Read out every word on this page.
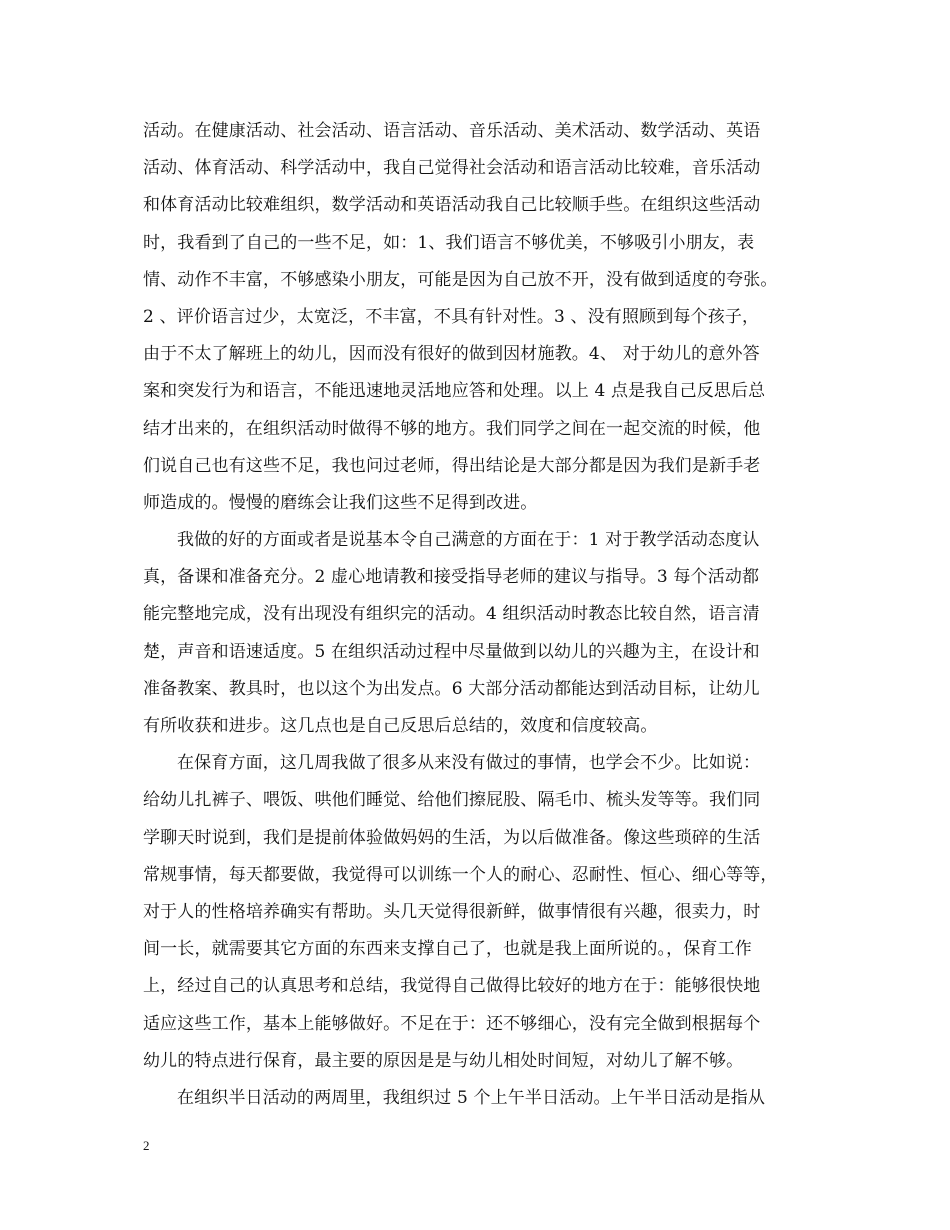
活动。在健康活动、社会活动、语言活动、音乐活动、美术活动、数学活动、英语
活动、体育活动、科学活动中，我自己觉得社会活动和语言活动比较难，音乐活动
和体育活动比较难组织，数学活动和英语活动我自己比较顺手些。在组织这些活动
时，我看到了自己的一些不足，如：1、我们语言不够优美，不够吸引小朋友，表
情、动作不丰富，不够感染小朋友，可能是因为自己放不开，没有做到适度的夸张。
2 、评价语言过少，太宽泛，不丰富，不具有针对性。3 、没有照顾到每个孩子，
由于不太了解班上的幼儿，因而没有很好的做到因材施教。4、 对于幼儿的意外答
案和突发行为和语言，不能迅速地灵活地应答和处理。以上 4 点是我自己反思后总
结才出来的，在组织活动时做得不够的地方。我们同学之间在一起交流的时候，他
们说自己也有这些不足，我也问过老师，得出结论是大部分都是因为我们是新手老
师造成的。慢慢的磨练会让我们这些不足得到改进。
我做的好的方面或者是说基本令自己满意的方面在于：1 对于教学活动态度认
真，备课和准备充分。2 虚心地请教和接受指导老师的建议与指导。3 每个活动都
能完整地完成，没有出现没有组织完的活动。4 组织活动时教态比较自然，语言清
楚，声音和语速适度。5 在组织活动过程中尽量做到以幼儿的兴趣为主，在设计和
准备教案、教具时，也以这个为出发点。6 大部分活动都能达到活动目标，让幼儿
有所收获和进步。这几点也是自己反思后总结的，效度和信度较高。
在保育方面，这几周我做了很多从来没有做过的事情，也学会不少。比如说：
给幼儿扎裤子、喂饭、哄他们睡觉、给他们擦屁股、隔毛巾、梳头发等等。我们同
学聊天时说到，我们是提前体验做妈妈的生活，为以后做准备。像这些琐碎的生活
常规事情，每天都要做，我觉得可以训练一个人的耐心、忍耐性、恒心、细心等等，
对于人的性格培养确实有帮助。头几天觉得很新鲜，做事情很有兴趣，很卖力，时
间一长，就需要其它方面的东西来支撑自己了，也就是我上面所说的。，保育工作
上，经过自己的认真思考和总结，我觉得自己做得比较好的地方在于：能够很快地
适应这些工作，基本上能够做好。不足在于：还不够细心，没有完全做到根据每个
幼儿的特点进行保育，最主要的原因是是与幼儿相处时间短，对幼儿了解不够。
在组织半日活动的两周里，我组织过 5 个上午半日活动。上午半日活动是指从
2
